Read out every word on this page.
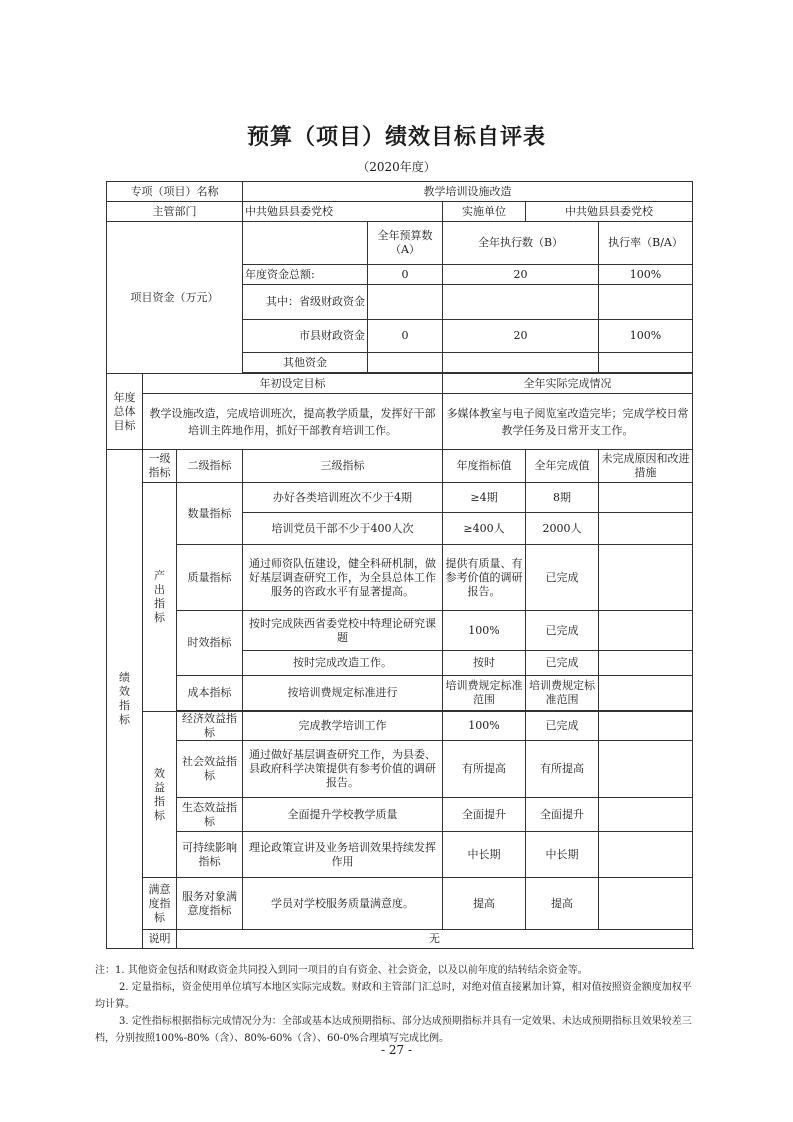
预算（项目）绩效目标自评表
（2020年度）
专项（项目）名称			教学培训设施改造				
主管部门			中共勉县县委党校		实施单位	中共勉县县委党校	
项目资金（万元）				全年预算数（A）	全年执行数（B）		执行率（B/A）
			年度资金总额:	0	20		100%
			其中：省级财政资金				
			市县财政资金	0	20		100%
			其他资金				

年度总体目标	年初设定目标				全年实际完成情况		
	教学设施改造，完成培训班次，提高教学质量，发挥好干部培训主阵地作用，抓好干部教育培训工作。				多媒体教室与电子阅览室改造完毕；完成学校日常教学任务及日常开支工作。		
绩效指标	一级指标	二级指标	三级指标		年度指标值	全年完成值	未完成原因和改进措施
	产出指标	数量指标	办好各类培训班次不少于4期		≥4期	8期	
			培训党员干部不少于400人次		≥400人	2000人	
		质量指标	通过师资队伍建设，健全科研机制，做好基层调查研究工作，为全县总体工作服务的咨政水平有显著提高。		提供有质量、有参考价值的调研报告。	已完成	
		时效指标	按时完成陕西省委党校中特理论研究课题		100%	已完成	
			按时完成改造工作。		按时	已完成	
		成本指标	按培训费规定标准进行		培训费规定标准范围	培训费规定标准范围	

	效益指标	经济效益指标	完成教学培训工作		100%	已完成	
		社会效益指标	通过做好基层调查研究工作，为县委、县政府科学决策提供有参考价值的调研报告。		有所提高	有所提高	
		生态效益指标	全面提升学校教学质量		全面提升	全面提升	
		可持续影响指标	理论政策宣讲及业务培训效果持续发挥作用		中长期	中长期	
	满意度指标	服务对象满意度指标	学员对学校服务质量满意度。		提高	提高	
	说明	无					

注：1. 其他资金包括和财政资金共同投入到同一项目的自有资金、社会资金，以及以前年度的结转结余资金等。

2. 定量指标，资金使用单位填写本地区实际完成数。财政和主管部门汇总时，对绝对值直接累加计算，相对值按照资金额度加权平均计算。

3. 定性指标根据指标完成情况分为：全部或基本达成预期指标、部分达成预期指标并具有一定效果、未达成预期指标且效果较差三档，分别按照100%-80%（含）、80%-60%（含）、60-0%合理填写完成比例。

- 27 -
